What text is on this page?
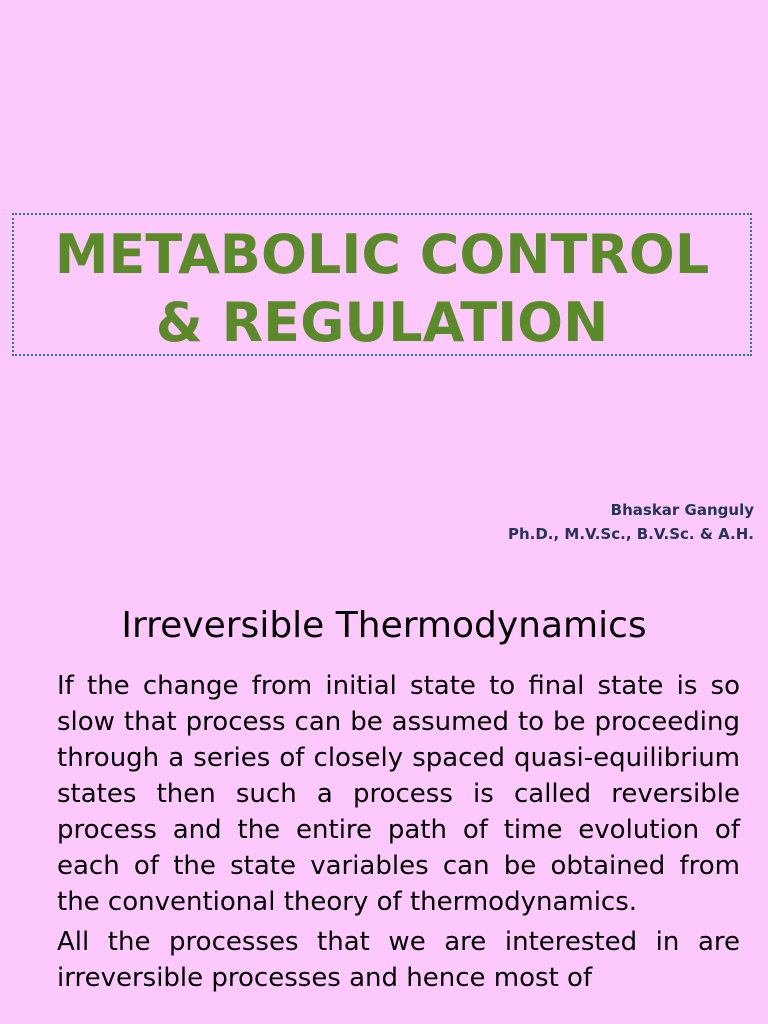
METABOLIC CONTROL
& REGULATION
Bhaskar Ganguly
Ph.D., M.V.Sc., B.V.Sc. & A.H.
Irreversible Thermodynamics

If the change from initial state to final state is so slow that process can be assumed to be proceeding through a series of closely spaced quasi-equilibrium states then such a process is called reversible process and the entire path of time evolution of each of the state variables can be obtained from the conventional theory of thermodynamics.

All the processes that we are interested in are irreversible processes and hence most of
